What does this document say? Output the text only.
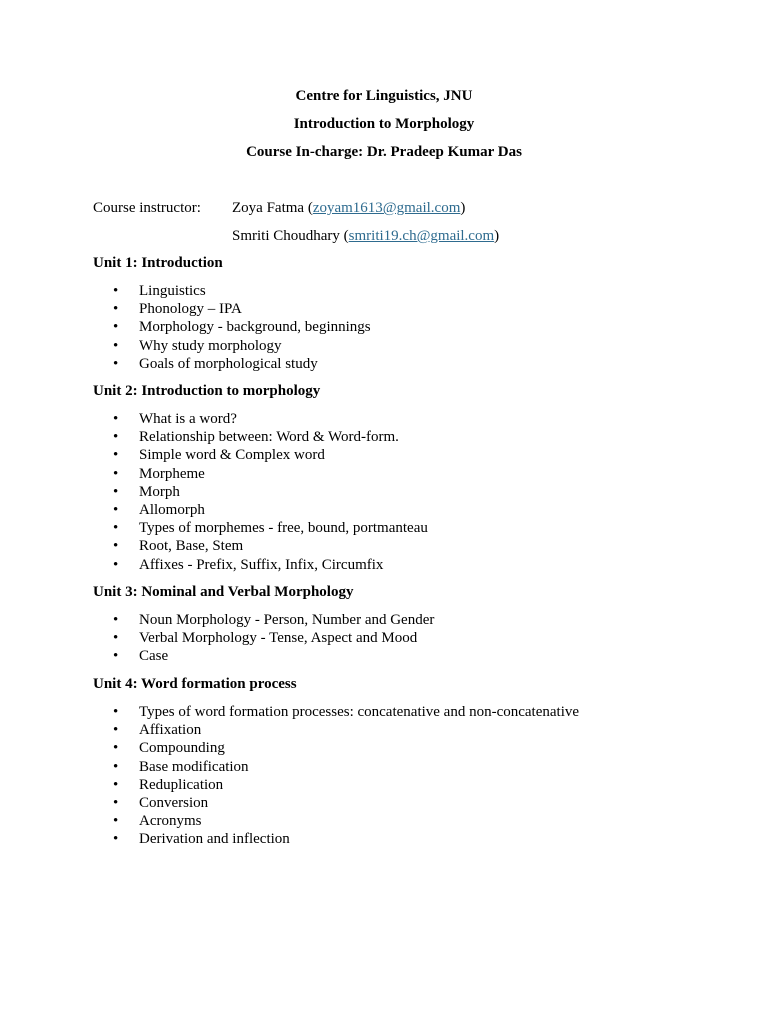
Centre for Linguistics, JNU
Introduction to Morphology
Course In-charge: Dr. Pradeep Kumar Das
Course instructor: Zoya Fatma (zoyam1613@gmail.com)
Smriti Choudhary (smriti19.ch@gmail.com)
Unit 1: Introduction
• Linguistics
• Phonology – IPA
• Morphology - background, beginnings
• Why study morphology
• Goals of morphological study
Unit 2: Introduction to morphology
• What is a word?
• Relationship between: Word & Word-form.
• Simple word & Complex word
• Morpheme
• Morph
• Allomorph
• Types of morphemes - free, bound, portmanteau
• Root, Base, Stem
• Affixes - Prefix, Suffix, Infix, Circumfix
Unit 3: Nominal and Verbal Morphology
• Noun Morphology - Person, Number and Gender
• Verbal Morphology - Tense, Aspect and Mood
• Case
Unit 4: Word formation process
• Types of word formation processes: concatenative and non-concatenative
• Affixation
• Compounding
• Base modification
• Reduplication
• Conversion
• Acronyms
• Derivation and inflection
